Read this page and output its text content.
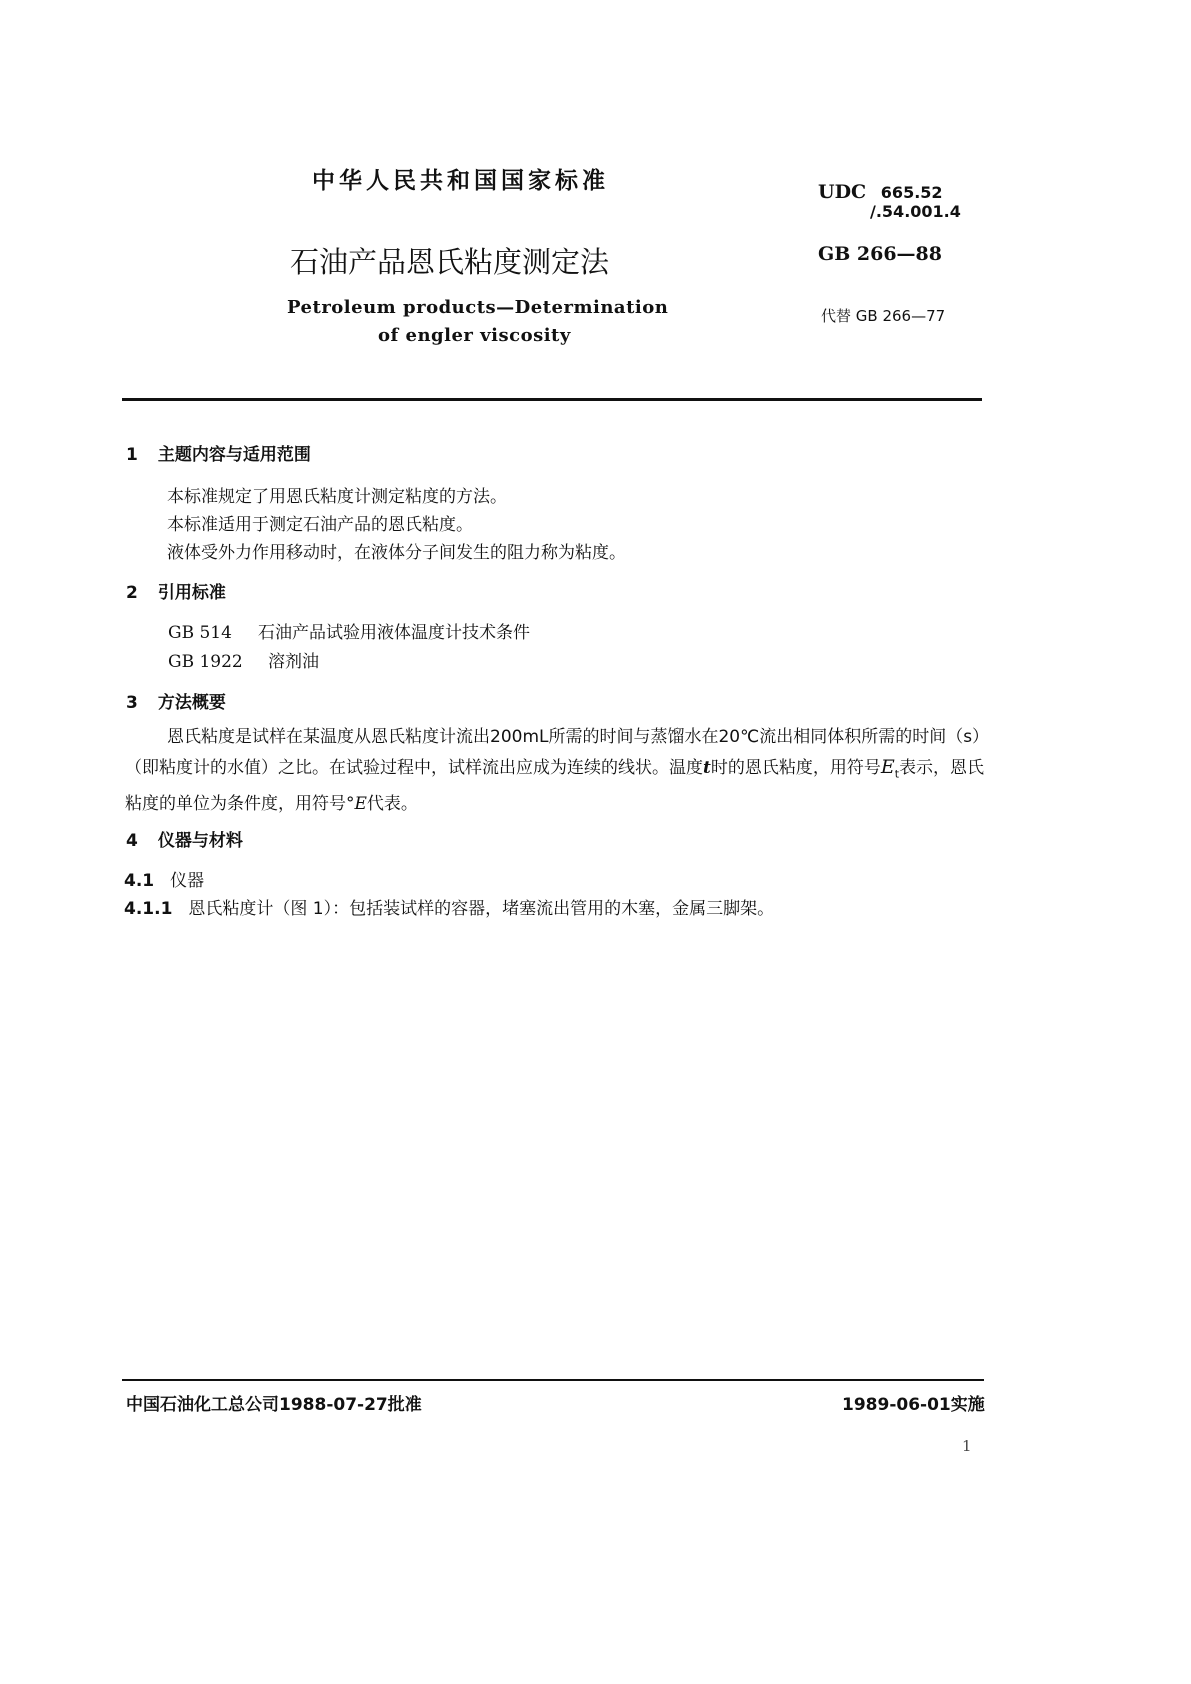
中华人民共和国国家标准	UDC 665.52
/.54.001.4
石油产品恩氏粘度测定法	GB 266—88
Petroleum products—Determination
of engler viscosity
代替 GB 266—77
1 主题内容与适用范围
本标准规定了用恩氏粘度计测定粘度的方法。
本标准适用于测定石油产品的恩氏粘度。
液体受外力作用移动时，在液体分子间发生的阻力称为粘度。
2 引用标准
GB 514 石油产品试验用液体温度计技术条件
GB 1922 溶剂油
3 方法概要
恩氏粘度是试样在某温度从恩氏粘度计流出200mL所需的时间与蒸馏水在20℃流出相同体积所需的时间（s）（即粘度计的水值）之比。在试验过程中，试样流出应成为连续的线状。温度t时的恩氏粘度，用符号$E_t$表示，恩氏粘度的单位为条件度，用符号°E代表。
4 仪器与材料
4.1 仪器
4.1.1 恩氏粘度计（图 1）：包括装试样的容器，堵塞流出管用的木塞，金属三脚架。
中国石油化工总公司1988-07-27批准	1989-06-01实施
1
